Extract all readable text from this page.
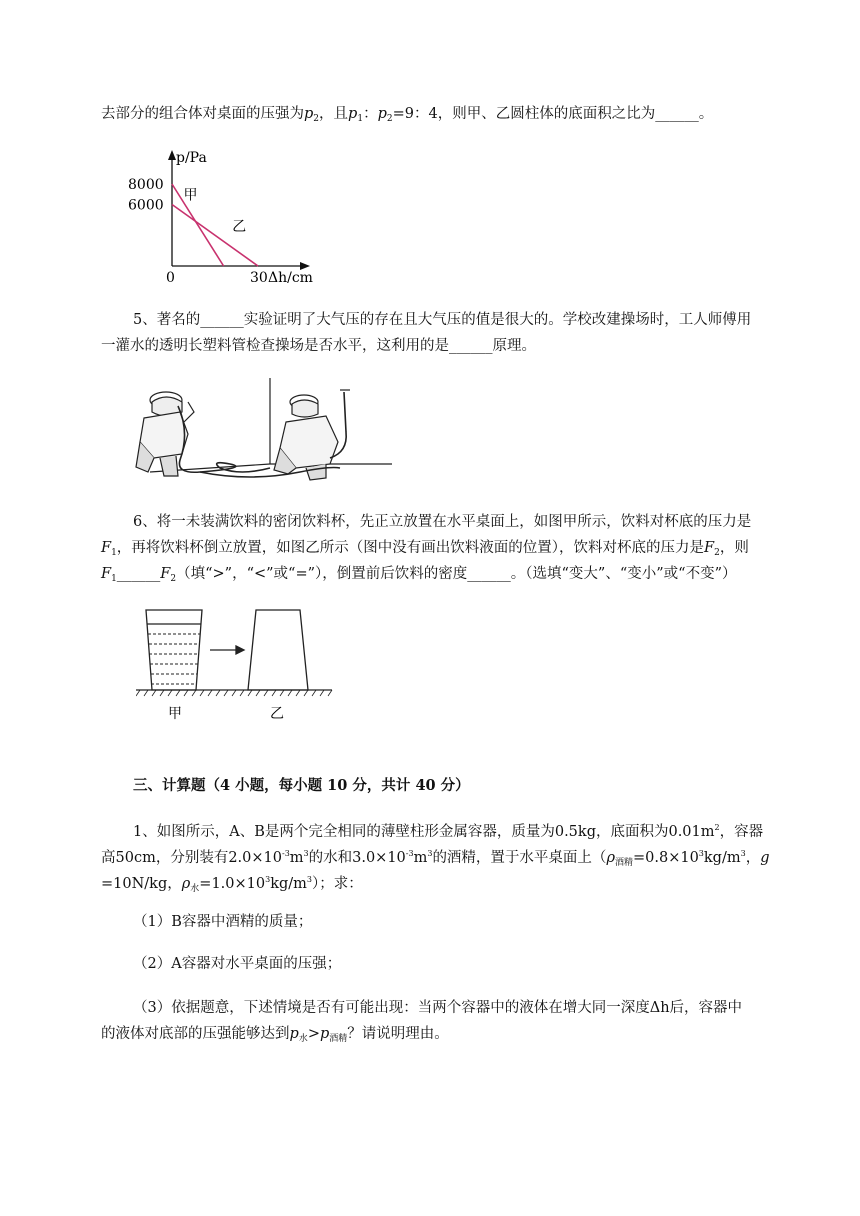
去部分的组合体对桌面的压强为$p_2$，且$p_1$：$p_2=9$：4，则甲、乙圆柱体的底面积之比为______。
p/Pa
Δh/cm
0
8000
6000
30
甲
乙
5、著名的______实验证明了大气压的存在且大气压的值是很大的。学校改建操场时，工人师傅用
一灌水的透明长塑料管检查操场是否水平，这利用的是______原理。
6、将一未装满饮料的密闭饮料杯，先正立放置在水平桌面上，如图甲所示，饮料对杯底的压力是
$F_1$，再将饮料杯倒立放置，如图乙所示（图中没有画出饮料液面的位置），饮料对杯底的压力是$F_2$，则
$F_1\_\_\_\_\_\_F_2$（填“>”，“<”或“=”），倒置前后饮料的密度______。（选填“变大”、“变小”或“不变”）
甲	乙
三、计算题（4 小题，每小题 10 分，共计 40 分）
1、如图所示，A、B是两个完全相同的薄壁柱形金属容器，质量为0.5kg，底面积为$0.01m^2$，容器
高50cm，分别装有$2.0\times 10^{-3}m^3$的水和$3.0\times 10^{-3}m^3$的酒精，置于水平桌面上（$\rho_{酒精}=0.8\times 10^3kg/m^3$，g
=10N/kg，$\rho_水=1.0\times 10^3kg/m^3$）；求：
（1）B容器中酒精的质量；
（2）A容器对水平桌面的压强；
（3）依据题意，下述情境是否有可能出现：当两个容器中的液体在增大同一深度Δh后，容器中
的液体对底部的压强能够达到$p_水>p_{酒精}$？请说明理由。
